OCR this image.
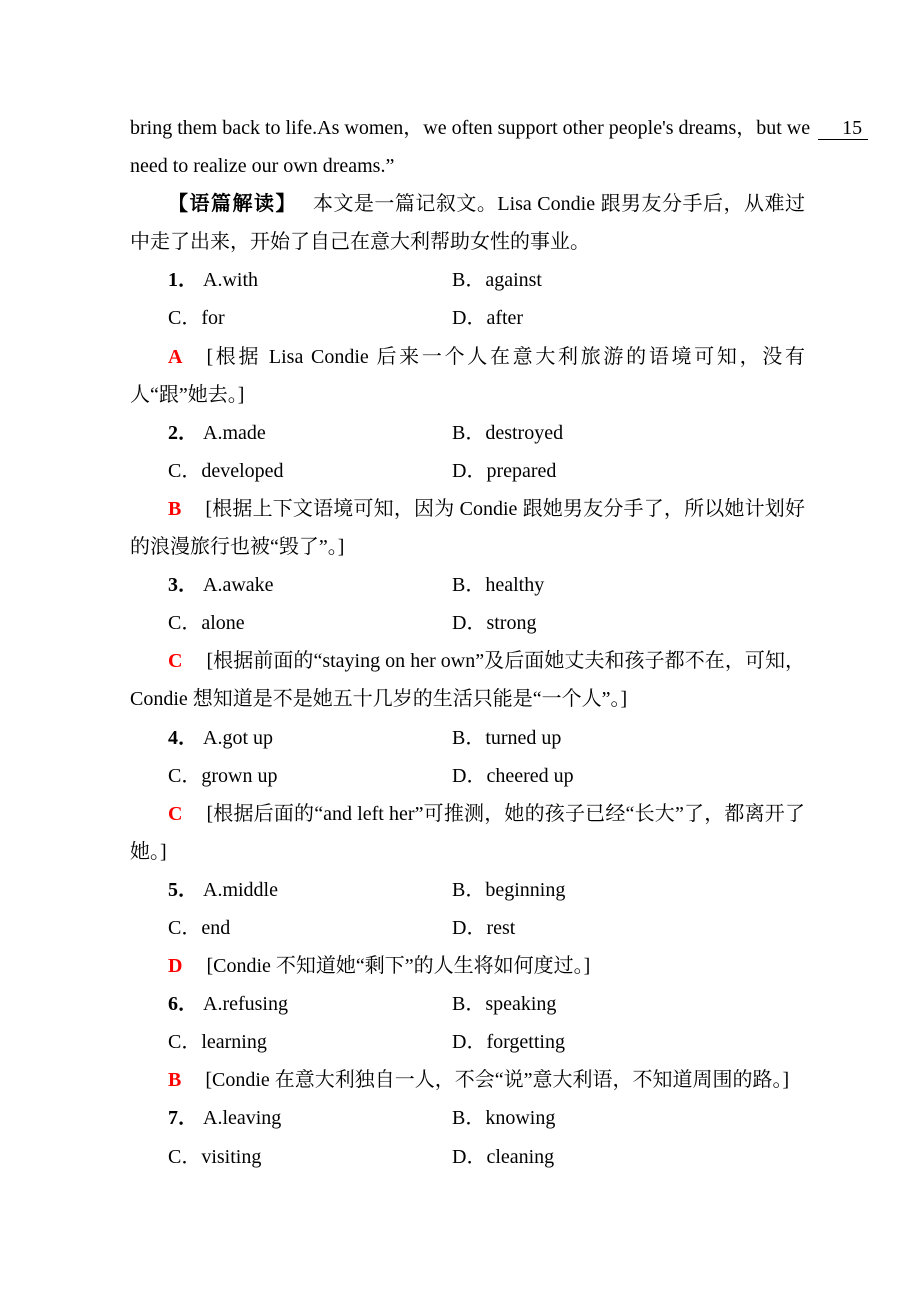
bring them back to life.As women，we often support other people's dreams，but we 15

need to realize our own dreams.”

【语篇解读】 本文是一篇记叙文。Lisa Condie 跟男友分手后，从难过中走了出来，开始了自己在意大利帮助女性的事业。

1． A.with	B．against

C．for	D．after

A [根据 Lisa Condie 后来一个人在意大利旅游的语境可知，没有人“跟”她去。]

2． A.made	B．destroyed

C．developed	D．prepared

B [根据上下文语境可知，因为 Condie 跟她男友分手了，所以她计划好的浪漫旅行也被“毁了”。]

3． A.awake	B．healthy

C．alone	D．strong

C [根据前面的“staying on her own”及后面她丈夫和孩子都不在，可知，Condie 想知道是不是她五十几岁的生活只能是“一个人”。]

4． A.got up	B．turned up

C．grown up	D．cheered up

C [根据后面的“and left her”可推测，她的孩子已经“长大”了，都离开了她。]

5． A.middle	B．beginning

C．end	D．rest

D [Condie 不知道她“剩下”的人生将如何度过。]

6． A.refusing	B．speaking

C．learning	D．forgetting

B [Condie 在意大利独自一人，不会“说”意大利语，不知道周围的路。]

7． A.leaving	B．knowing

C．visiting	D．cleaning
